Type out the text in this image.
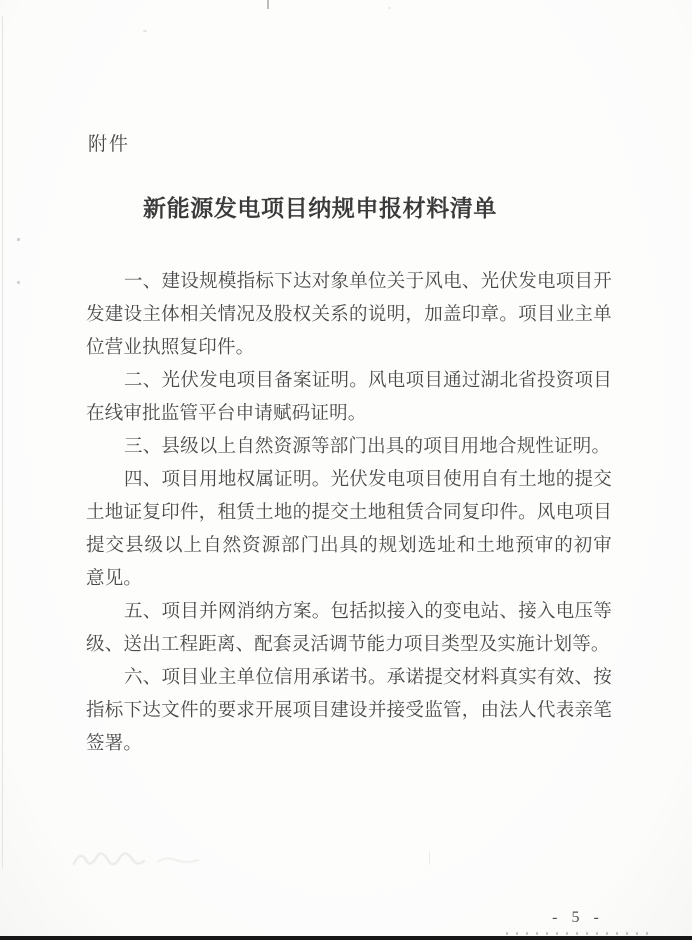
附件
新能源发电项目纳规申报材料清单
一、建设规模指标下达对象单位关于风电、光伏发电项目开
发建设主体相关情况及股权关系的说明，加盖印章。项目业主单
位营业执照复印件。
二、光伏发电项目备案证明。风电项目通过湖北省投资项目
在线审批监管平台申请赋码证明。
三、县级以上自然资源等部门出具的项目用地合规性证明。
四、项目用地权属证明。光伏发电项目使用自有土地的提交
土地证复印件，租赁土地的提交土地租赁合同复印件。风电项目
提交县级以上自然资源部门出具的规划选址和土地预审的初审
意见。
五、项目并网消纳方案。包括拟接入的变电站、接入电压等
级、送出工程距离、配套灵活调节能力项目类型及实施计划等。
六、项目业主单位信用承诺书。承诺提交材料真实有效、按
指标下达文件的要求开展项目建设并接受监管，由法人代表亲笔
签署。
- 5 -
